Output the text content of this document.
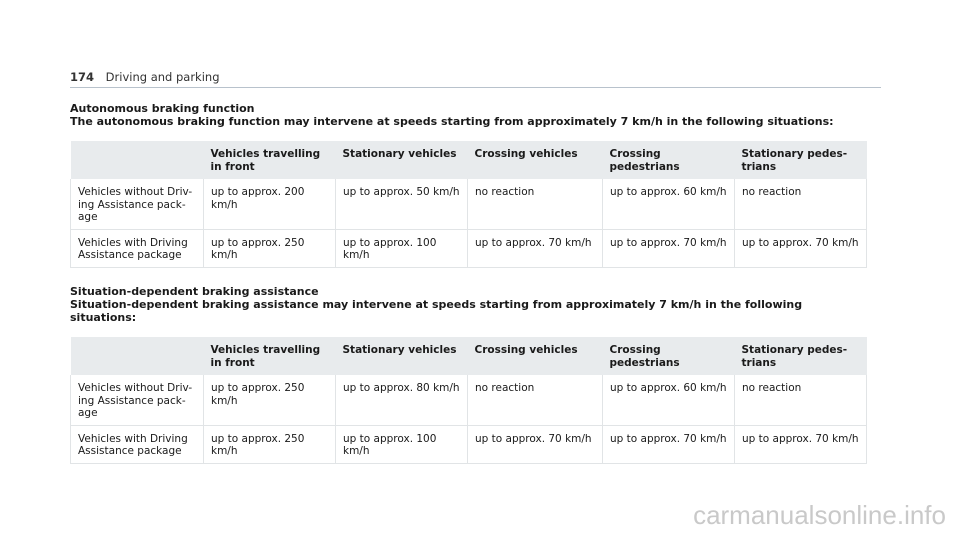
174 Driving and parking
Autonomous braking function
The autonomous braking function may intervene at speeds starting from approximately 7 km/h in the following situations:
	Vehicles travelling in front	Stationary vehicles	Crossing vehicles	Crossing pedestrians	Stationary pedes-trians
Vehicles without Driv-ing Assistance pack-age	up to approx. 200 km/h	up to approx. 50 km/h	no reaction	up to approx. 60 km/h	no reaction
Vehicles with Driving Assistance package	up to approx. 250 km/h	up to approx. 100 km/h	up to approx. 70 km/h	up to approx. 70 km/h	up to approx. 70 km/h
Situation-dependent braking assistance
Situation-dependent braking assistance may intervene at speeds starting from approximately 7 km/h in the following situations:
	Vehicles travelling in front	Stationary vehicles	Crossing vehicles	Crossing pedestrians	Stationary pedes-trians
Vehicles without Driv-ing Assistance pack-age	up to approx. 250 km/h	up to approx. 80 km/h	no reaction	up to approx. 60 km/h	no reaction
Vehicles with Driving Assistance package	up to approx. 250 km/h	up to approx. 100 km/h	up to approx. 70 km/h	up to approx. 70 km/h	up to approx. 70 km/h
carmanualsonline.info
